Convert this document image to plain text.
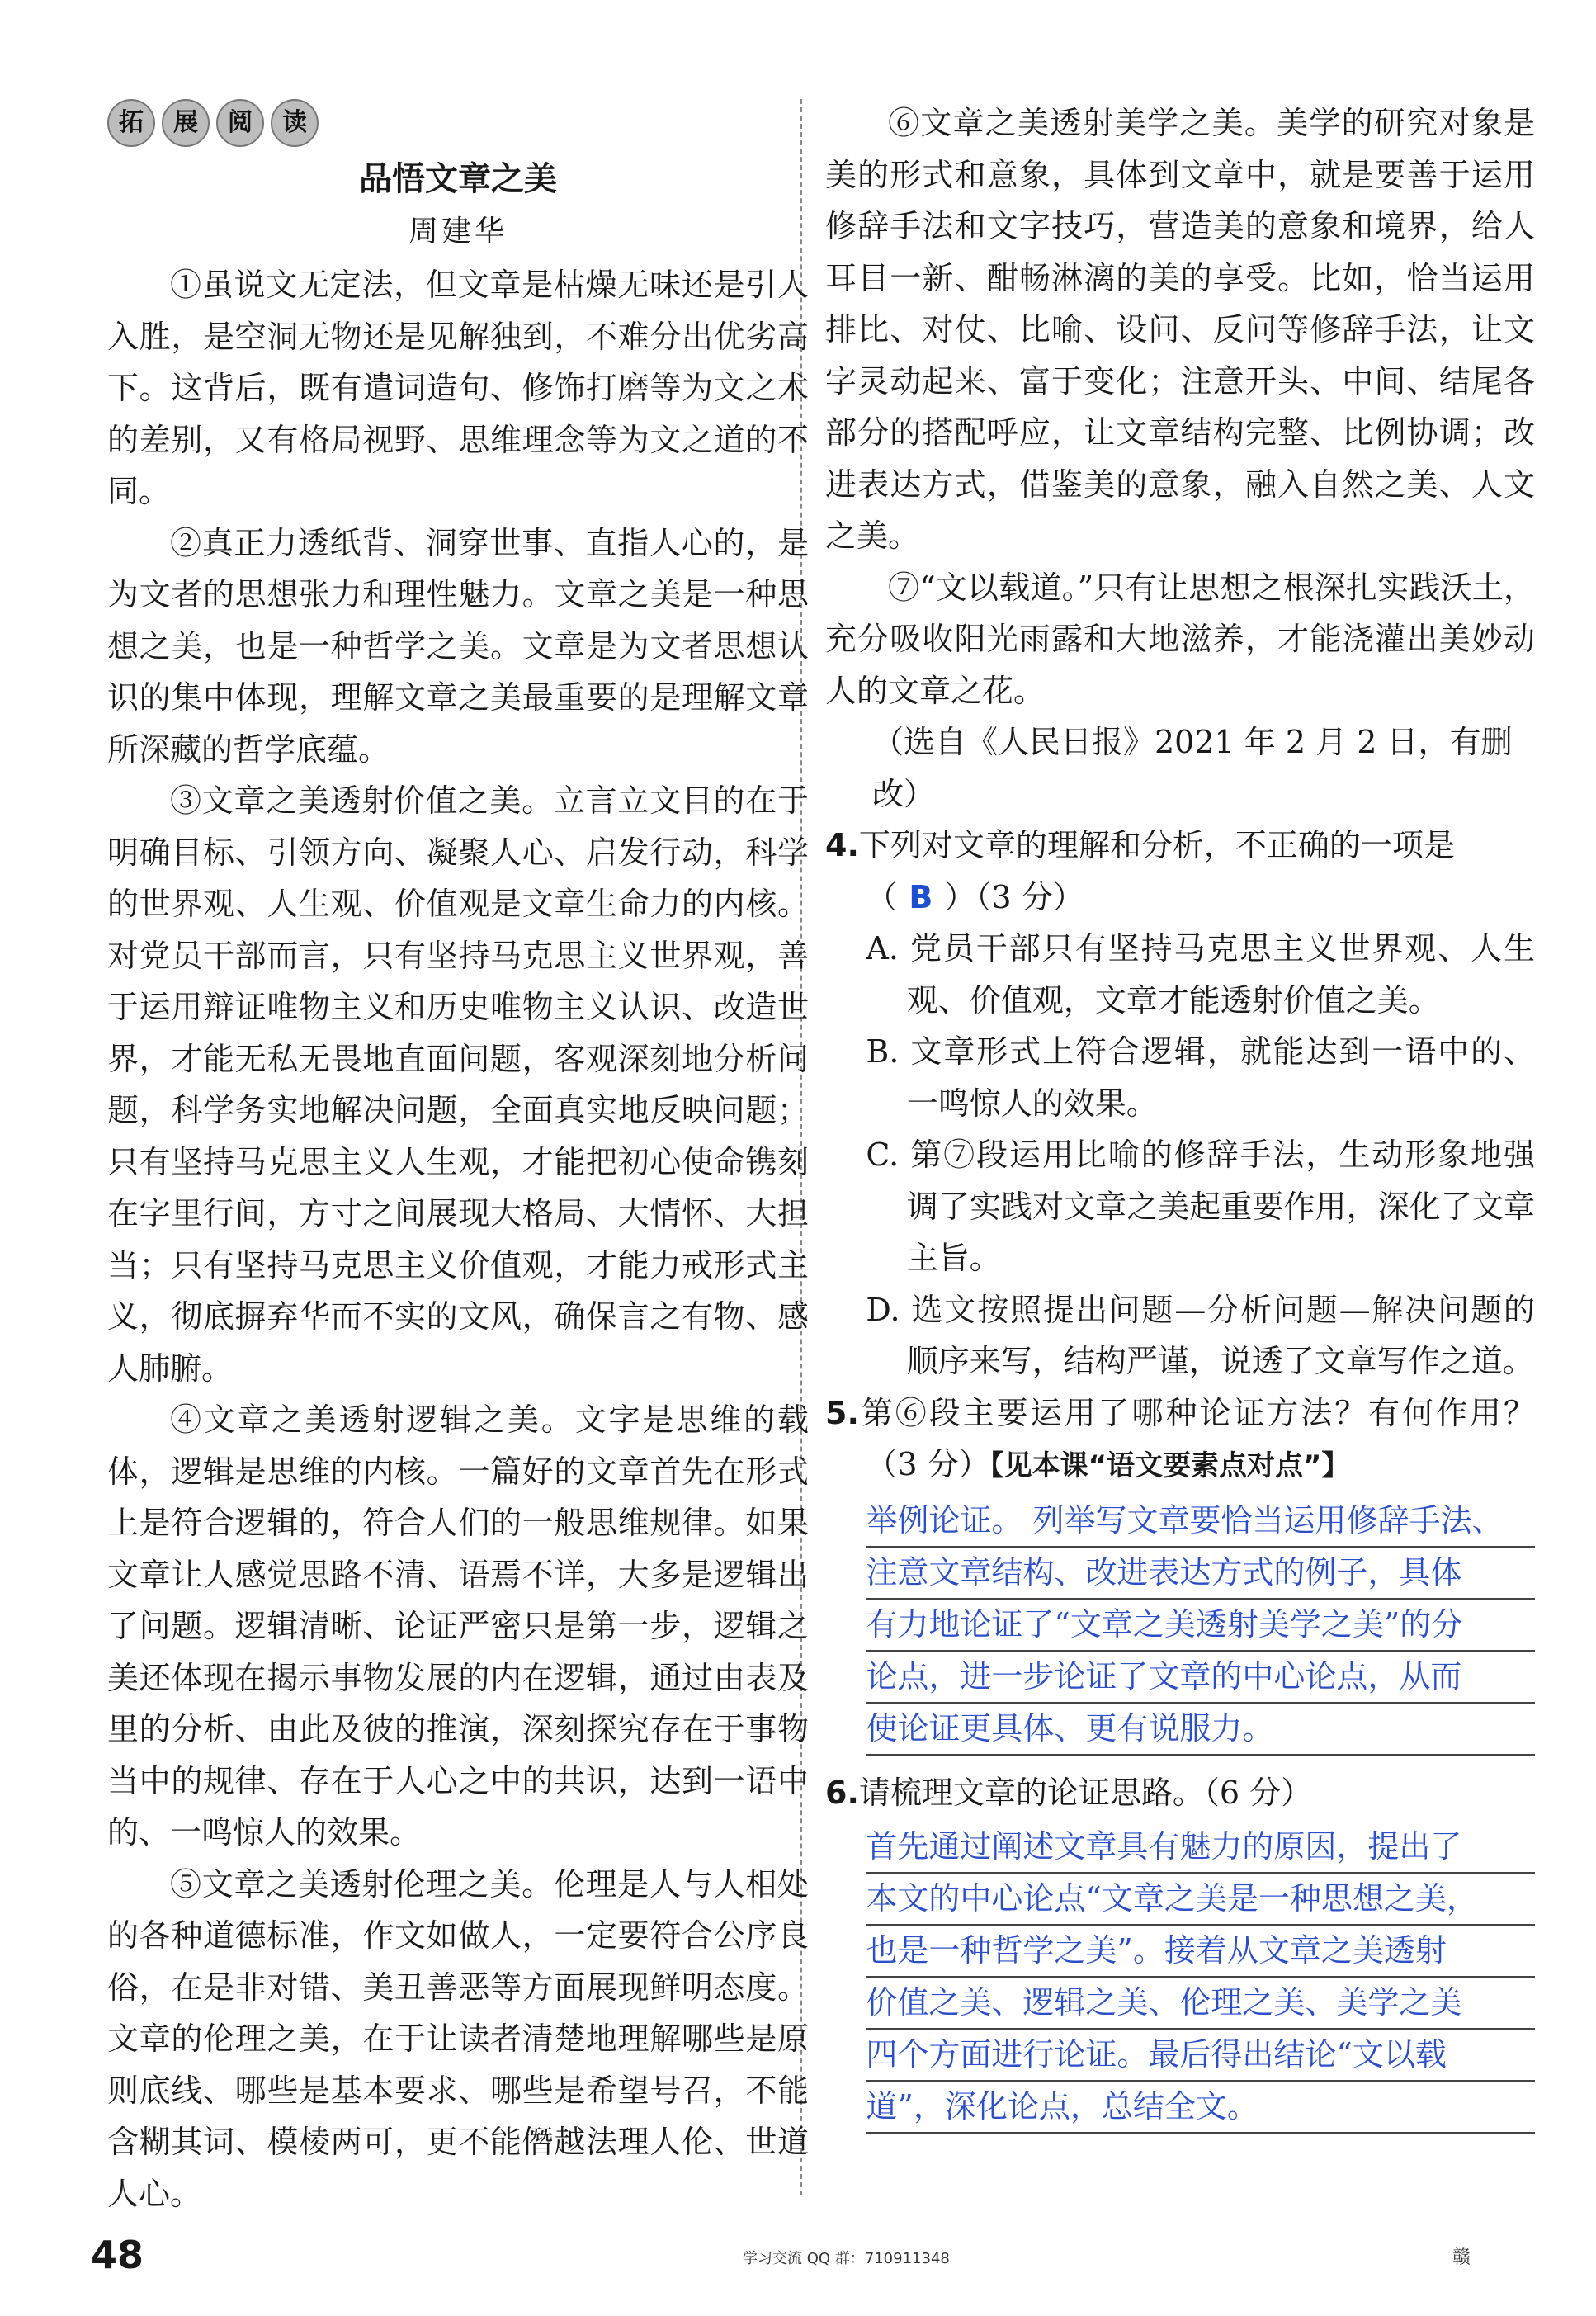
拓	展	阅	读

品悟文章之美

周建华

①虽说文无定法，但文章是枯燥无味还是引人入胜，是空洞无物还是见解独到，不难分出优劣高下。这背后，既有遣词造句、修饰打磨等为文之术的差别，又有格局视野、思维理念等为文之道的不同。

②真正力透纸背、洞穿世事、直指人心的，是为文者的思想张力和理性魅力。文章之美是一种思想之美，也是一种哲学之美。文章是为文者思想认识的集中体现，理解文章之美最重要的是理解文章所深藏的哲学底蕴。

③文章之美透射价值之美。立言立文目的在于明确目标、引领方向、凝聚人心、启发行动，科学的世界观、人生观、价值观是文章生命力的内核。对党员干部而言，只有坚持马克思主义世界观，善于运用辩证唯物主义和历史唯物主义认识、改造世界，才能无私无畏地直面问题，客观深刻地分析问题，科学务实地解决问题，全面真实地反映问题；只有坚持马克思主义人生观，才能把初心使命镌刻在字里行间，方寸之间展现大格局、大情怀、大担当；只有坚持马克思主义价值观，才能力戒形式主义，彻底摒弃华而不实的文风，确保言之有物、感人肺腑。

④文章之美透射逻辑之美。文字是思维的载体，逻辑是思维的内核。一篇好的文章首先在形式上是符合逻辑的，符合人们的一般思维规律。如果文章让人感觉思路不清、语焉不详，大多是逻辑出了问题。逻辑清晰、论证严密只是第一步，逻辑之美还体现在揭示事物发展的内在逻辑，通过由表及里的分析、由此及彼的推演，深刻探究存在于事物当中的规律、存在于人心之中的共识，达到一语中的、一鸣惊人的效果。

⑤文章之美透射伦理之美。伦理是人与人相处的各种道德标准，作文如做人，一定要符合公序良俗，在是非对错、美丑善恶等方面展现鲜明态度。文章的伦理之美，在于让读者清楚地理解哪些是原则底线、哪些是基本要求、哪些是希望号召，不能含糊其词、模棱两可，更不能僭越法理人伦、世道人心。

⑥文章之美透射美学之美。美学的研究对象是美的形式和意象，具体到文章中，就是要善于运用修辞手法和文字技巧，营造美的意象和境界，给人耳目一新、酣畅淋漓的美的享受。比如，恰当运用排比、对仗、比喻、设问、反问等修辞手法，让文字灵动起来、富于变化；注意开头、中间、结尾各部分的搭配呼应，让文章结构完整、比例协调；改进表达方式，借鉴美的意象，融入自然之美、人文之美。

⑦“文以载道。”只有让思想之根深扎实践沃土，充分吸收阳光雨露和大地滋养，才能浇灌出美妙动人的文章之花。

（选自《人民日报》2021 年 2 月 2 日，有删改）

4.下列对文章的理解和分析，不正确的一项是
（ B ）（3 分）

A. 党员干部只有坚持马克思主义世界观、人生观、价值观，文章才能透射价值之美。

B. 文章形式上符合逻辑，就能达到一语中的、一鸣惊人的效果。

C. 第⑦段运用比喻的修辞手法，生动形象地强调了实践对文章之美起重要作用，深化了文章主旨。

D. 选文按照提出问题—分析问题—解决问题的顺序来写，结构严谨，说透了文章写作之道。

5.第⑥段主要运用了哪种论证方法？有何作用？（3 分）【见本课“语文要素点对点”】

举例论证。 列举写文章要恰当运用修辞手法、
注意文章结构、改进表达方式的例子，具体
有力地论证了“文章之美透射美学之美”的分
论点，进一步论证了文章的中心论点，从而
使论证更具体、更有说服力。

6.请梳理文章的论证思路。（6 分）

首先通过阐述文章具有魅力的原因，提出了
本文的中心论点“文章之美是一种思想之美，
也是一种哲学之美”。接着从文章之美透射
价值之美、逻辑之美、伦理之美、美学之美
四个方面进行论证。最后得出结论“文以载
道”，深化论点，总结全文。
48	学习交流 QQ 群：710911348	赣
